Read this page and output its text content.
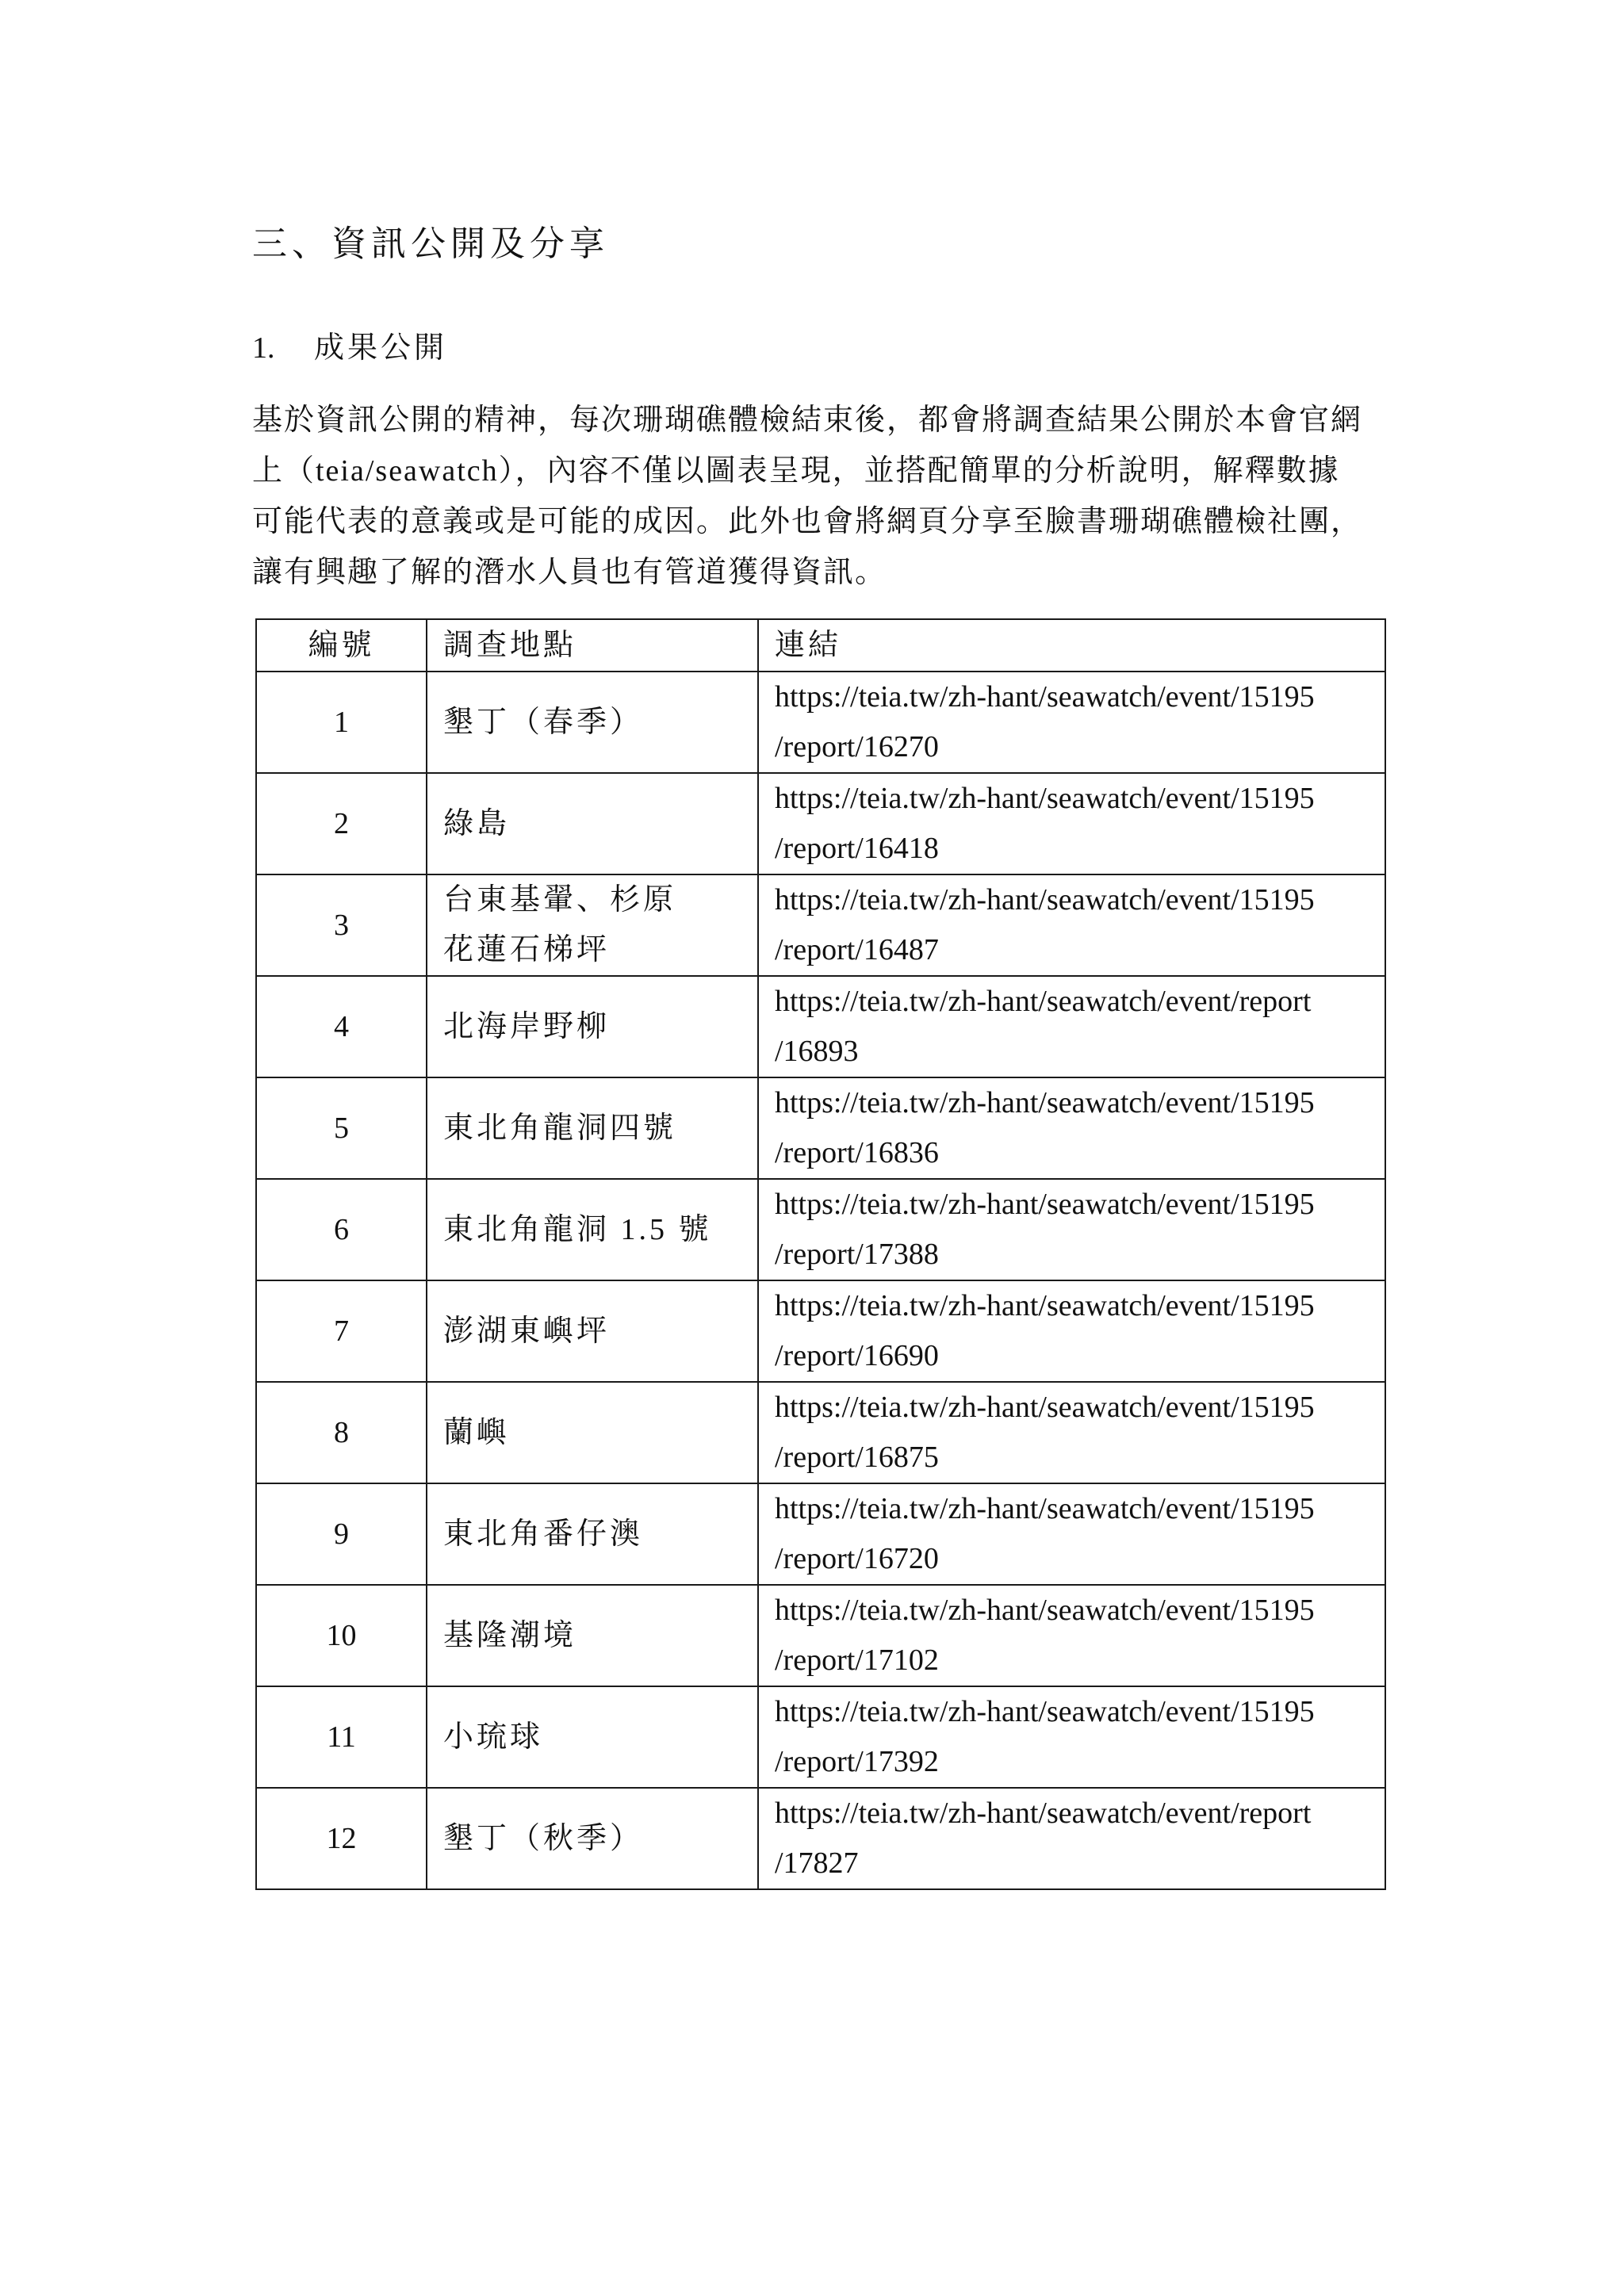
三、資訊公開及分享
1. 成果公開
基於資訊公開的精神，每次珊瑚礁體檢結束後，都會將調查結果公開於本會官網
上（teia/seawatch），內容不僅以圖表呈現，並搭配簡單的分析說明，解釋數據
可能代表的意義或是可能的成因。此外也會將網頁分享至臉書珊瑚礁體檢社團，
讓有興趣了解的潛水人員也有管道獲得資訊。
編號	調查地點	連結
1	墾丁（春季）	https://teia.tw/zh-hant/seawatch/event/15195
/report/16270

2	綠島	https://teia.tw/zh-hant/seawatch/event/15195
/report/16418

3	台東基翬、杉原
花蓮石梯坪	https://teia.tw/zh-hant/seawatch/event/15195
/report/16487

4	北海岸野柳	https://teia.tw/zh-hant/seawatch/event/report
/16893

5	東北角龍洞四號	https://teia.tw/zh-hant/seawatch/event/15195
/report/16836

6	東北角龍洞 1.5 號	https://teia.tw/zh-hant/seawatch/event/15195
/report/17388

7	澎湖東嶼坪	https://teia.tw/zh-hant/seawatch/event/15195
/report/16690

8	蘭嶼	https://teia.tw/zh-hant/seawatch/event/15195
/report/16875

9	東北角番仔澳	https://teia.tw/zh-hant/seawatch/event/15195
/report/16720

10	基隆潮境	https://teia.tw/zh-hant/seawatch/event/15195
/report/17102

11	小琉球	https://teia.tw/zh-hant/seawatch/event/15195
/report/17392

12	墾丁（秋季）	https://teia.tw/zh-hant/seawatch/event/report
/17827
